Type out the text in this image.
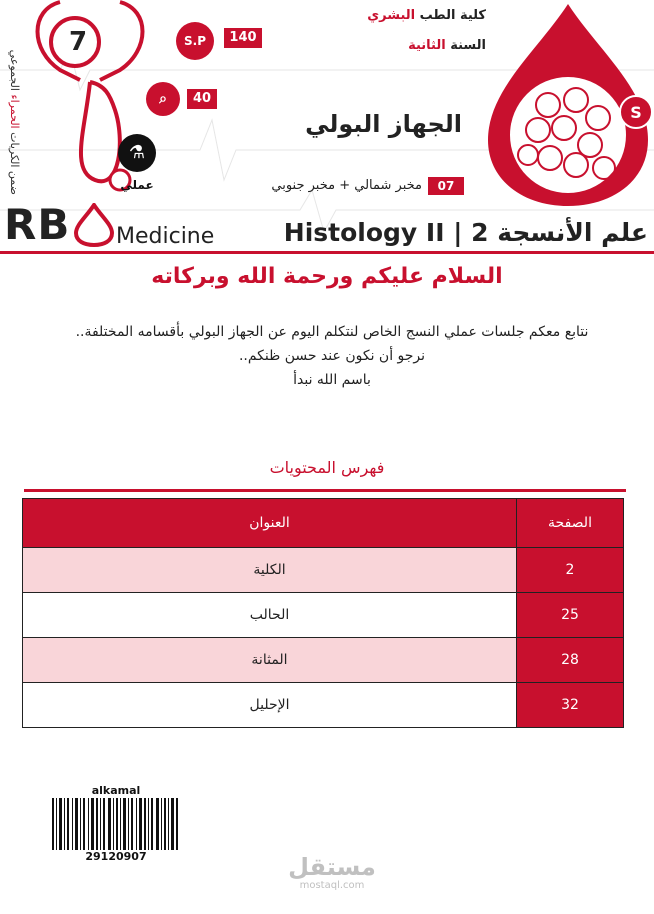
ضمن الكريات الحمراء الجموعي
7	S.P	140
⌕	40
⚗
عملي
كلية الطب البشري
السنة الثانية
الجهاز البولي
07
مخبر شمالي + مخبر جنوبي
S
RB Medicine	علم الأنسجة 2 | Histology II
السلام عليكم ورحمة الله وبركاته
نتابع معكم جلسات عملي النسج الخاص لنتكلم اليوم عن الجهاز البولي بأقسامه المختلفة..
نرجو أن نكون عند حسن ظنكم..
باسم الله نبدأ
فهرس المحتويات
الصفحة	العنوان
2	الكلية
25	الحالب
28	المثانة
32	الإحليل
alkamal
29120907	مستقل
mostaql.com
